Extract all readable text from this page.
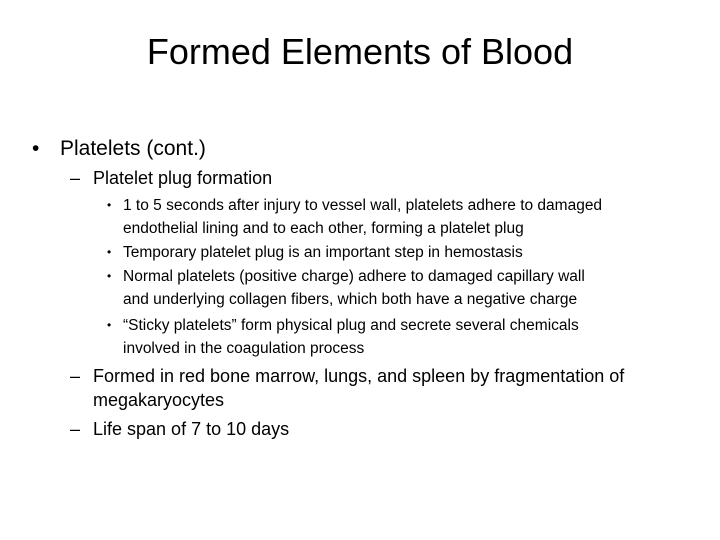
Formed Elements of Blood
• Platelets (cont.)
– Platelet plug formation
• 1 to 5 seconds after injury to vessel wall, platelets adhere to damaged
endothelial lining and to each other, forming a platelet plug
• Temporary platelet plug is an important step in hemostasis
• Normal platelets (positive charge) adhere to damaged capillary wall
and underlying collagen fibers, which both have a negative charge
• “Sticky platelets” form physical plug and secrete several chemicals
involved in the coagulation process
– Formed in red bone marrow, lungs, and spleen by fragmentation of
megakaryocytes
– Life span of 7 to 10 days
